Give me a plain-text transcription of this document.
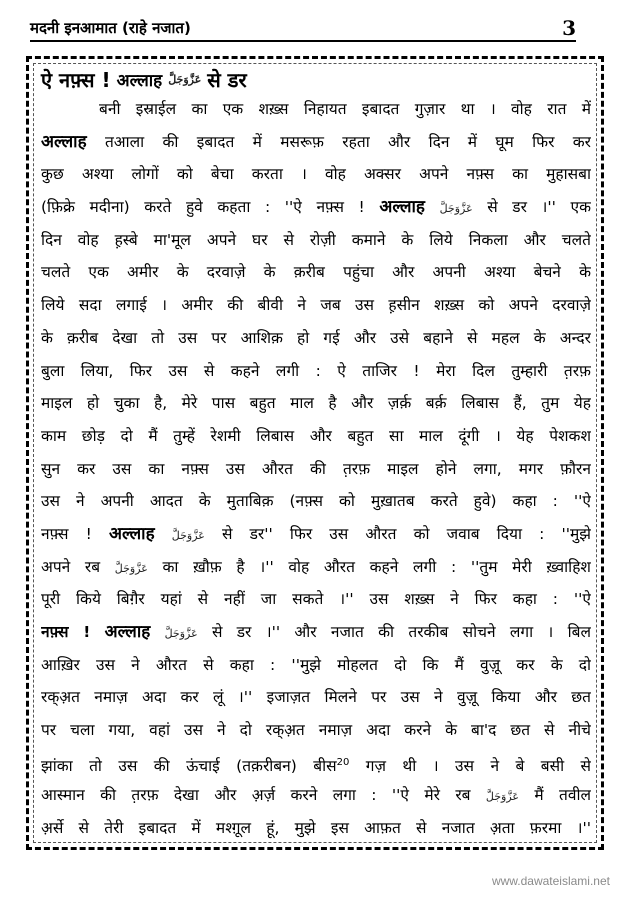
मदनी इनआमात (राहे नजात)	3
ऐ नफ़्स ! अल्लाह عَزَّوَجَلَّ से डर
बनी इस्राईल का एक शख़्स निहायत इबादत गुज़ार था । वोह रात में
अल्लाह तआला की इबादत में मसरूफ़ रहता और दिन में घूम फिर कर
कुछ अश्या लोगों को बेचा करता । वोह अक्सर अपने नफ़्स का मुहासबा
(फ़िक्रे मदीना) करते हुवे कहता : ''ऐ नफ़्स ! अल्लाह عَزَّوَجَلَّ से डर ।'' एक
दिन वोह ह़स्बे मा'मूल अपने घर से रोज़ी कमाने के लिये निकला और चलते
चलते एक अमीर के दरवाज़े के क़रीब पहुंचा और अपनी अश्या बेचने के
लिये सदा लगाई । अमीर की बीवी ने जब उस ह़सीन शख़्स को अपने दरवाज़े
के क़रीब देखा तो उस पर आशिक़ हो गई और उसे बहाने से महल के अन्दर
बुला लिया, फिर उस से कहने लगी : ऐ ताजिर ! मेरा दिल तुम्हारी त़रफ़
माइल हो चुका है, मेरे पास बहुत माल है और ज़र्क़ बर्क़ लिबास हैं, तुम येह
काम छोड़ दो मैं तुम्हें रेशमी लिबास और बहुत सा माल दूंगी । येह पेशकश
सुन कर उस का नफ़्स उस औरत की त़रफ़ माइल होने लगा, मगर फ़ौरन
उस ने अपनी आदत के मुताबिक़ (नफ़्स को मुख़ातब करते हुवे) कहा : ''ऐ
नफ़्स ! अल्लाह عَزَّوَجَلَّ से डर'' फिर उस औरत को जवाब दिया : ''मुझे
अपने रब عَزَّوَجَلَّ का ख़ौफ़ है ।'' वोह औरत कहने लगी : ''तुम मेरी ख़्वाहिश
पूरी किये बिग़ैर यहां से नहीं जा सकते ।'' उस शख़्स ने फिर कहा : ''ऐ
नफ़्स ! अल्लाह عَزَّوَجَلَّ से डर ।'' और नजात की तरकीब सोचने लगा । बिल
आख़िर उस ने औरत से कहा : ''मुझे मोहलत दो कि मैं वुज़ू कर के दो
रक्अ़त नमाज़ अदा कर लूं ।'' इजाज़त मिलने पर उस ने वुज़ू किया और छत
पर चला गया, वहां उस ने दो रक्अ़त नमाज़ अदा करने के बा'द छत से नीचे
झांका तो उस की ऊंचाई (तक़रीबन) बीस$^{20}$ गज़ थी । उस ने बे बसी से
आस्मान की त़रफ़ देखा और अ़र्ज़ करने लगा : ''ऐ मेरे रब عَزَّوَجَلَّ मैं तवील
अ़र्से से तेरी इबादत में मश्ग़ूल हूं, मुझे इस आफ़त से नजात अ़ता फ़रमा ।''
www.dawateislami.net
